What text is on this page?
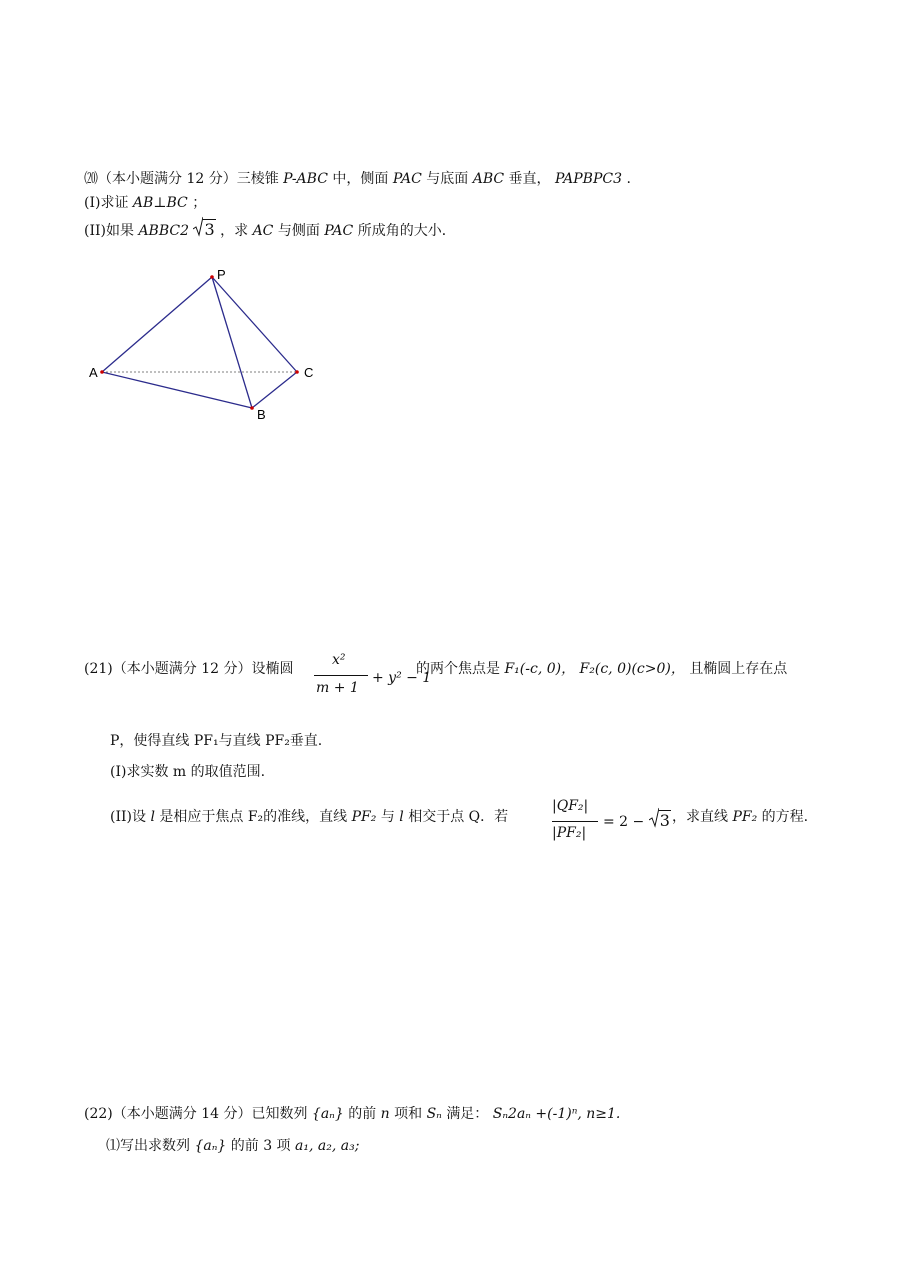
⒇（本小题满分 12 分）三棱锥 P-ABC 中，侧面 PAC 与底面 ABC 垂直， PAPBPC3 .
(I)求证 AB⊥BC ；
(II)如果 ABBC2 3 ，求 AC 与侧面 PAC 所成角的大小．
P
A
B
C
(21)（本小题满分 12 分）设椭圆
x²
m + 1
+ y² − 1
的两个焦点是 F₁(-c, 0)， F₂(c, 0)(c>0)， 且椭圆上存在点
P，使得直线 PF₁与直线 PF₂垂直.
(I)求实数 m 的取值范围.
(II)设 l 是相应于焦点 F₂的准线，直线 PF₂ 与 l 相交于点 Q．若
|QF₂|
|PF₂|
= 2 − 3 ，求直线 PF₂ 的方程.
(22)（本小题满分 14 分）已知数列 {aₙ} 的前 n 项和 Sₙ 满足： Sₙ2aₙ +(-1)ⁿ, n≥1.
⑴写出求数列 {aₙ} 的前 3 项 a₁, a₂, a₃;
